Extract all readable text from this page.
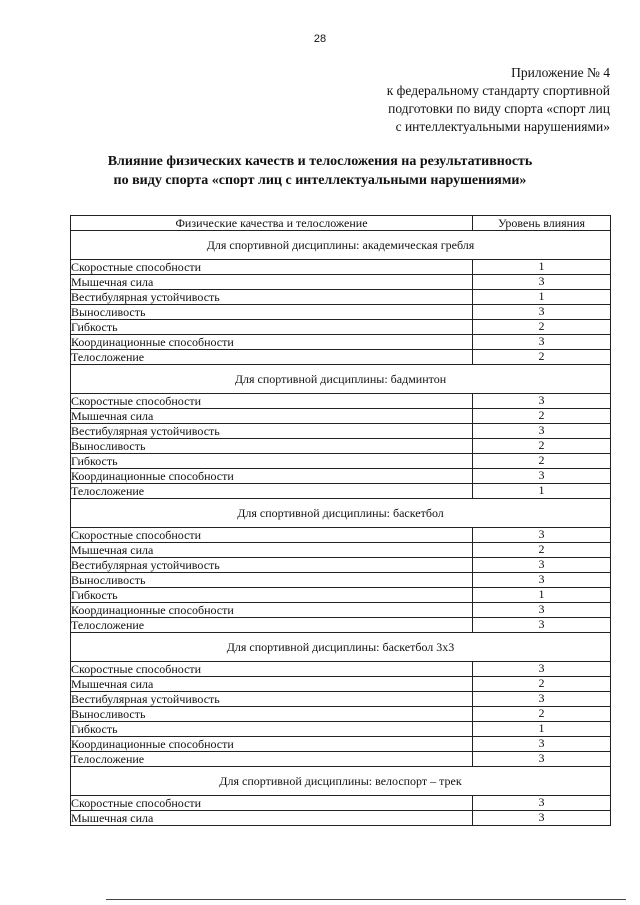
28
Приложение № 4
к федеральному стандарту спортивной
подготовки по виду спорта «спорт лиц
с интеллектуальными нарушениями»
Влияние физических качеств и телосложения на результативность
по виду спорта «спорт лиц с интеллектуальными нарушениями»
Физические качества и телосложение	Уровень влияния
Для спортивной дисциплины: академическая гребля	
Скоростные способности	1
Мышечная сила	3
Вестибулярная устойчивость	1
Выносливость	3
Гибкость	2
Координационные способности	3
Телосложение	2
Для спортивной дисциплины: бадминтон	
Скоростные способности	3
Мышечная сила	2
Вестибулярная устойчивость	3
Выносливость	2
Гибкость	2
Координационные способности	3
Телосложение	1
Для спортивной дисциплины: баскетбол	
Скоростные способности	3
Мышечная сила	2
Вестибулярная устойчивость	3
Выносливость	3
Гибкость	1
Координационные способности	3
Телосложение	3
Для спортивной дисциплины: баскетбол 3х3	
Скоростные способности	3
Мышечная сила	2
Вестибулярная устойчивость	3
Выносливость	2
Гибкость	1
Координационные способности	3
Телосложение	3
Для спортивной дисциплины: велоспорт – трек	
Скоростные способности	3
Мышечная сила	3
